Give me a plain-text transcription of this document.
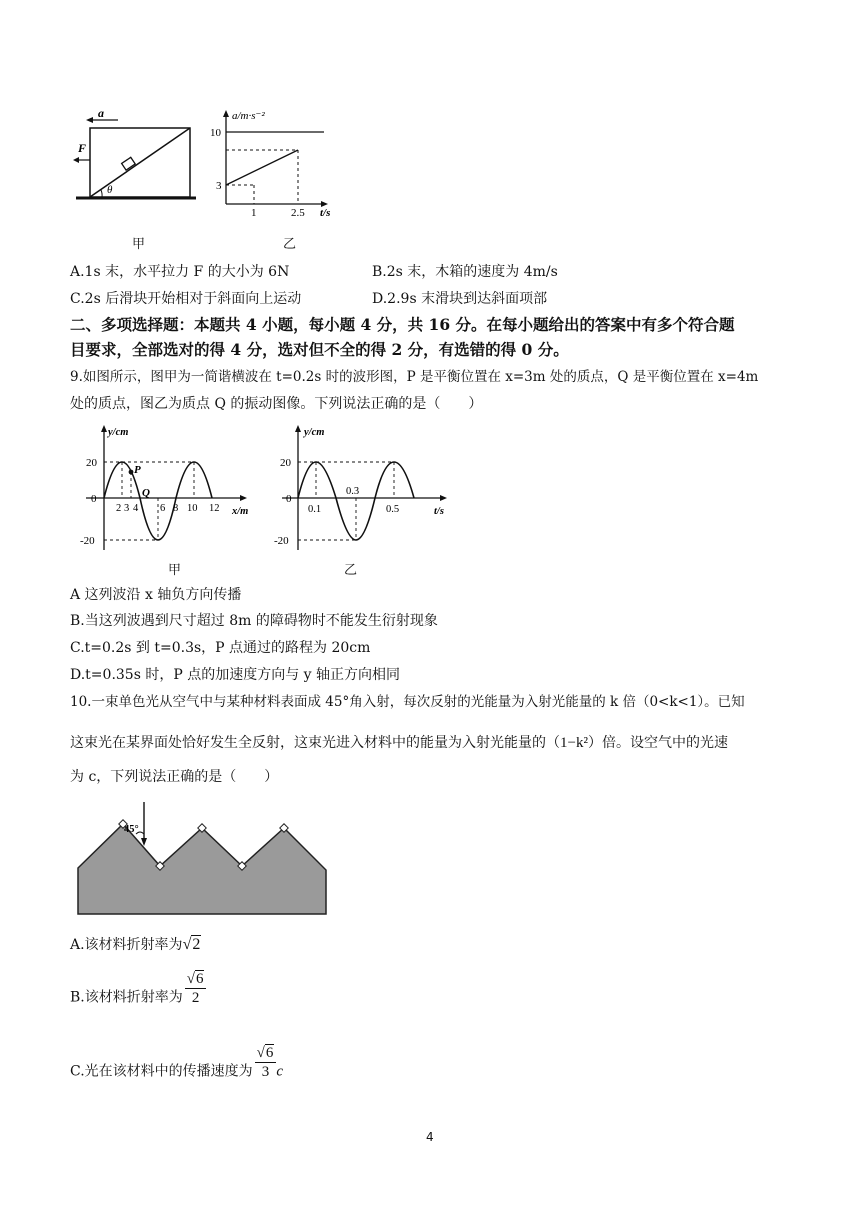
a
F
θ
甲
a/m·s⁻²
10
3
1	2.5 t/s
乙
A.1s 末，水平拉力 F 的大小为 6N	B.2s 末，木箱的速度为 4m/s
C.2s 后滑块开始相对于斜面向上运动	D.2.9s 末滑块到达斜面项部
二、多项选择题：本题共 4 小题，每小题 4 分，共 16 分。在每小题给出的答案中有多个符合题
目要求，全部选对的得 4 分，选对但不全的得 2 分，有选错的得 0 分。
9.如图所示，图甲为一简谐横波在 t=0.2s 时的波形图，P 是平衡位置在 x=3m 处的质点，Q 是平衡位置在 x=4m
处的质点，图乙为质点 Q 的振动图像。下列说法正确的是（　　）
y/cm
20
-20
0
P
Q
2 3 4 6 8 10 12 x/m
甲
y/cm
20
-20
0
0.1
0.3
0.5	t/s
乙
A 这列波沿 x 轴负方向传播
B.当这列波遇到尺寸超过 8m 的障碍物时不能发生衍射现象
C.t=0.2s 到 t=0.3s，P 点通过的路程为 20cm
D.t=0.35s 时，P 点的加速度方向与 y 轴正方向相同
10.一束单色光从空气中与某种材料表面成 45°角入射，每次反射的光能量为入射光能量的 k 倍（0<k<1）。已知
这束光在某界面处恰好发生全反射，这束光进入材料中的能量为入射光能量的（1−k²）倍。设空气中的光速
为 c，下列说法正确的是（　　）
45°
A.该材料折射率为√2
B.该材料折射率为 $\frac{√6}{2}$
C.光在该材料中的传播速度为 $\frac{√6}{3}$ c
4
